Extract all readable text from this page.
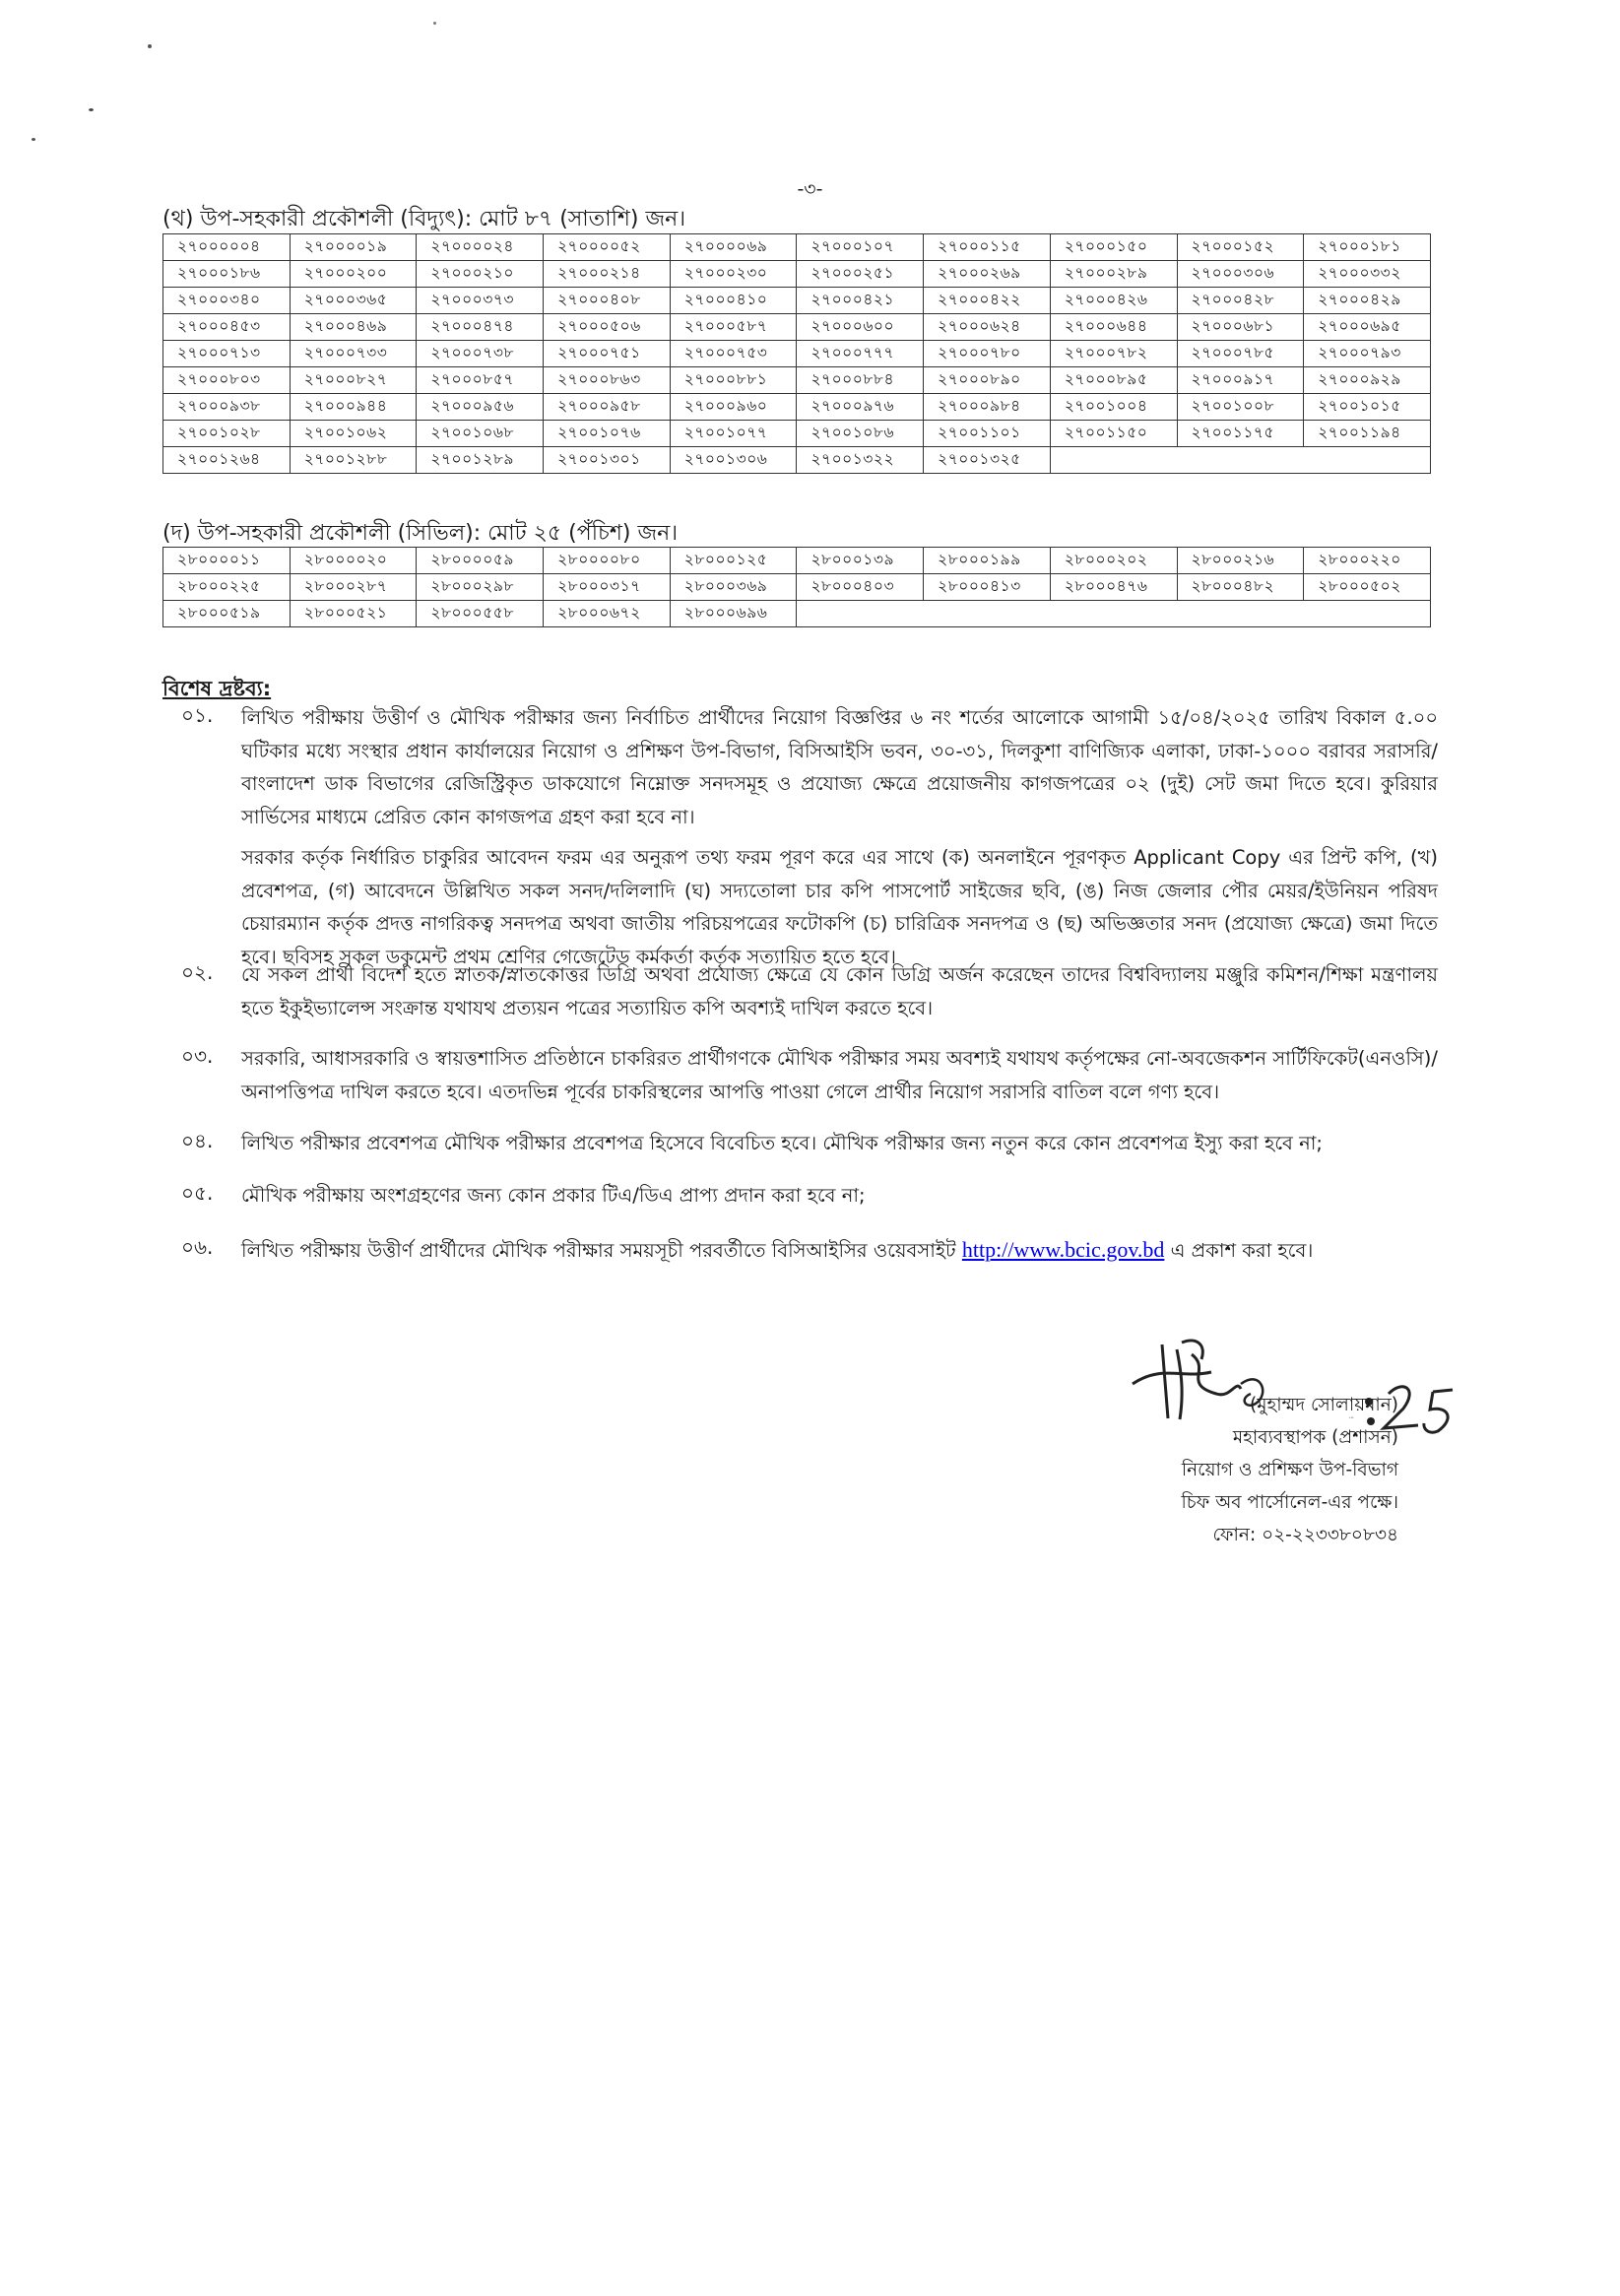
-৩-
(থ) উপ-সহকারী প্রকৌশলী (বিদ্যুৎ): মোট ৮৭ (সাতাশি) জন।
২৭০০০০০৪	২৭০০০০১৯	২৭০০০০২৪	২৭০০০০৫২	২৭০০০০৬৯	২৭০০০১০৭	২৭০০০১১৫	২৭০০০১৫০	২৭০০০১৫২	২৭০০০১৮১
২৭০০০১৮৬	২৭০০০২০০	২৭০০০২১০	২৭০০০২১৪	২৭০০০২৩০	২৭০০০২৫১	২৭০০০২৬৯	২৭০০০২৮৯	২৭০০০৩০৬	২৭০০০৩৩২
২৭০০০৩৪০	২৭০০০৩৬৫	২৭০০০৩৭৩	২৭০০০৪০৮	২৭০০০৪১০	২৭০০০৪২১	২৭০০০৪২২	২৭০০০৪২৬	২৭০০০৪২৮	২৭০০০৪২৯
২৭০০০৪৫৩	২৭০০০৪৬৯	২৭০০০৪৭৪	২৭০০০৫০৬	২৭০০০৫৮৭	২৭০০০৬০০	২৭০০০৬২৪	২৭০০০৬৪৪	২৭০০০৬৮১	২৭০০০৬৯৫
২৭০০০৭১৩	২৭০০০৭৩৩	২৭০০০৭৩৮	২৭০০০৭৫১	২৭০০০৭৫৩	২৭০০০৭৭৭	২৭০০০৭৮০	২৭০০০৭৮২	২৭০০০৭৮৫	২৭০০০৭৯৩
২৭০০০৮০৩	২৭০০০৮২৭	২৭০০০৮৫৭	২৭০০০৮৬৩	২৭০০০৮৮১	২৭০০০৮৮৪	২৭০০০৮৯০	২৭০০০৮৯৫	২৭০০০৯১৭	২৭০০০৯২৯
২৭০০০৯৩৮	২৭০০০৯৪৪	২৭০০০৯৫৬	২৭০০০৯৫৮	২৭০০০৯৬০	২৭০০০৯৭৬	২৭০০০৯৮৪	২৭০০১০০৪	২৭০০১০০৮	২৭০০১০১৫
২৭০০১০২৮	২৭০০১০৬২	২৭০০১০৬৮	২৭০০১০৭৬	২৭০০১০৭৭	২৭০০১০৮৬	২৭০০১১০১	২৭০০১১৫০	২৭০০১১৭৫	২৭০০১১৯৪
২৭০০১২৬৪	২৭০০১২৮৮	২৭০০১২৮৯	২৭০০১৩০১	২৭০০১৩০৬	২৭০০১৩২২	২৭০০১৩২৫			
(দ) উপ-সহকারী প্রকৌশলী (সিভিল): মোট ২৫ (পঁচিশ) জন।
২৮০০০০১১	২৮০০০০২০	২৮০০০০৫৯	২৮০০০০৮০	২৮০০০১২৫	২৮০০০১৩৯	২৮০০০১৯৯	২৮০০০২০২	২৮০০০২১৬	২৮০০০২২০
২৮০০০২২৫	২৮০০০২৮৭	২৮০০০২৯৮	২৮০০০৩১৭	২৮০০০৩৬৯	২৮০০০৪০৩	২৮০০০৪১৩	২৮০০০৪৭৬	২৮০০০৪৮২	২৮০০০৫০২
২৮০০০৫১৯	২৮০০০৫২১	২৮০০০৫৫৮	২৮০০০৬৭২	২৮০০০৬৯৬					
বিশেষ দ্রষ্টব্য:
০১. লিখিত পরীক্ষায় উত্তীর্ণ ও মৌখিক পরীক্ষার জন্য নির্বাচিত প্রার্থীদের নিয়োগ বিজ্ঞপ্তির ৬ নং শর্তের আলোকে আগামী ১৫/০৪/২০২৫ তারিখ বিকাল ৫.০০ ঘটিকার মধ্যে সংস্থার প্রধান কার্যালয়ের নিয়োগ ও প্রশিক্ষণ উপ-বিভাগ, বিসিআইসি ভবন, ৩০-৩১, দিলকুশা বাণিজ্যিক এলাকা, ঢাকা-১০০০ বরাবর সরাসরি/ বাংলাদেশ ডাক বিভাগের রেজিস্ট্রিকৃত ডাকযোগে নিম্নোক্ত সনদসমূহ ও প্রযোজ্য ক্ষেত্রে প্রয়োজনীয় কাগজপত্রের ০২ (দুই) সেট জমা দিতে হবে। কুরিয়ার সার্ভিসের মাধ্যমে প্রেরিত কোন কাগজপত্র গ্রহণ করা হবে না।

সরকার কর্তৃক নির্ধারিত চাকুরির আবেদন ফরম এর অনুরূপ তথ্য ফরম পূরণ করে এর সাথে (ক) অনলাইনে পূরণকৃত Applicant Copy এর প্রিন্ট কপি, (খ) প্রবেশপত্র, (গ) আবেদনে উল্লিখিত সকল সনদ/দলিলাদি (ঘ) সদ্যতোলা চার কপি পাসপোর্ট সাইজের ছবি, (ঙ) নিজ জেলার পৌর মেয়র/ইউনিয়ন পরিষদ চেয়ারম্যান কর্তৃক প্রদত্ত নাগরিকত্ব সনদপত্র অথবা জাতীয় পরিচয়পত্রের ফটোকপি (চ) চারিত্রিক সনদপত্র ও (ছ) অভিজ্ঞতার সনদ (প্রযোজ্য ক্ষেত্রে) জমা দিতে হবে। ছবিসহ সকল ডকুমেন্ট প্রথম শ্রেণির গেজেটেড কর্মকর্তা কর্তৃক সত্যায়িত হতে হবে।

০২. যে সকল প্রার্থী বিদেশ হতে স্নাতক/স্নাতকোত্তর ডিগ্রি অথবা প্রযোজ্য ক্ষেত্রে যে কোন ডিগ্রি অর্জন করেছেন তাদের বিশ্ববিদ্যালয় মঞ্জুরি কমিশন/শিক্ষা মন্ত্রণালয় হতে ইকুইভ্যালেন্স সংক্রান্ত যথাযথ প্রত্যয়ন পত্রের সত্যায়িত কপি অবশ্যই দাখিল করতে হবে।

০৩. সরকারি, আধাসরকারি ও স্বায়ত্তশাসিত প্রতিষ্ঠানে চাকরিরত প্রার্থীগণকে মৌখিক পরীক্ষার সময় অবশ্যই যথাযথ কর্তৃপক্ষের নো-অবজেকশন সার্টিফিকেট(এনওসি)/অনাপত্তিপত্র দাখিল করতে হবে। এতদভিন্ন পূর্বের চাকরিস্থলের আপত্তি পাওয়া গেলে প্রার্থীর নিয়োগ সরাসরি বাতিল বলে গণ্য হবে।

০৪. লিখিত পরীক্ষার প্রবেশপত্র মৌখিক পরীক্ষার প্রবেশপত্র হিসেবে বিবেচিত হবে। মৌখিক পরীক্ষার জন্য নতুন করে কোন প্রবেশপত্র ইস্যু করা হবে না;

০৫. মৌখিক পরীক্ষায় অংশগ্রহণের জন্য কোন প্রকার টিএ/ডিএ প্রাপ্য প্রদান করা হবে না;

০৬. লিখিত পরীক্ষায় উত্তীর্ণ প্রার্থীদের মৌখিক পরীক্ষার সময়সূচী পরবর্তীতে বিসিআইসির ওয়েবসাইট http://www.bcic.gov.bd এ প্রকাশ করা হবে।
3.25
(মুহাম্মদ সোলায়মান)
মহাব্যবস্থাপক (প্রশাসন)
নিয়োগ ও প্রশিক্ষণ উপ-বিভাগ
চিফ অব পার্সোনেল-এর পক্ষে।
ফোন: ০২-২২৩৩৮০৮৩৪
